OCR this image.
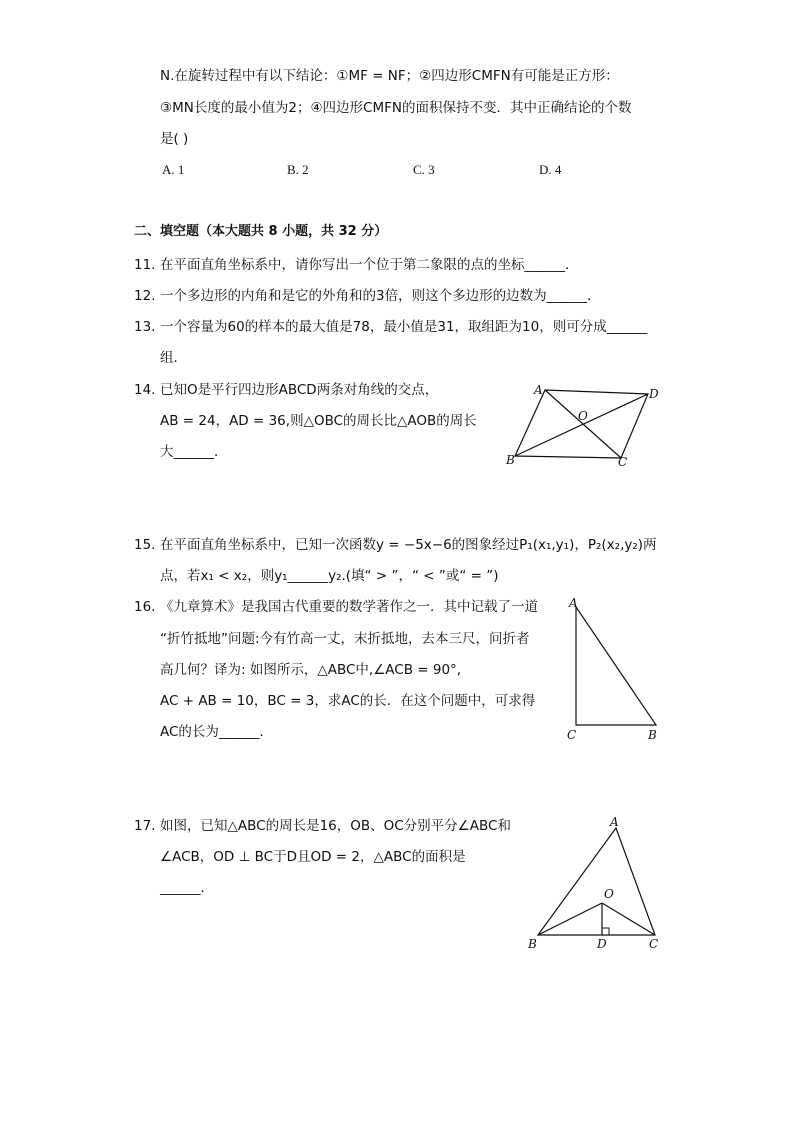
N.在旋转过程中有以下结论：①MF = NF；②四边形CMFN有可能是正方形：
③MN长度的最小值为2；④四边形CMFN的面积保持不变．其中正确结论的个数
是( )
A. 1	B. 2	C. 3	D. 4
二、填空题（本大题共 8 小题，共 32 分）
11. 在平面直角坐标系中，请你写出一个位于第二象限的点的坐标______．
12. 一个多边形的内角和是它的外角和的3倍，则这个多边形的边数为______．
13. 一个容量为60的样本的最大值是78，最小值是31，取组距为10，则可分成______
组．
14. 已知O是平行四边形ABCD两条对角线的交点，
AB = 24，AD = 36,则△OBC的周长比△AOB的周长
大______．
A	D
O
B	C
15. 在平面直角坐标系中，已知一次函数y = −5x−6的图象经过P₁(x₁,y₁)，P₂(x₂,y₂)两
点，若x₁ < x₂，则y₁______y₂.(填“ > ”，“ < ”或“ = ”)
16. 《九章算术》是我国古代重要的数学著作之一．其中记载了一道
“折竹抵地”问题:今有竹高一丈，末折抵地，去本三尺，问折者
高几何？译为: 如图所示，△ABC中,∠ACB = 90°,
AC + AB = 10，BC = 3，求AC的长．在这个问题中，可求得
AC的长为______．
A
C	B
17. 如图，已知△ABC的周长是16，OB、OC分别平分∠ABC和
∠ACB，OD ⊥ BC于D且OD = 2，△ABC的面积是
______．
A
O
B	D	C
